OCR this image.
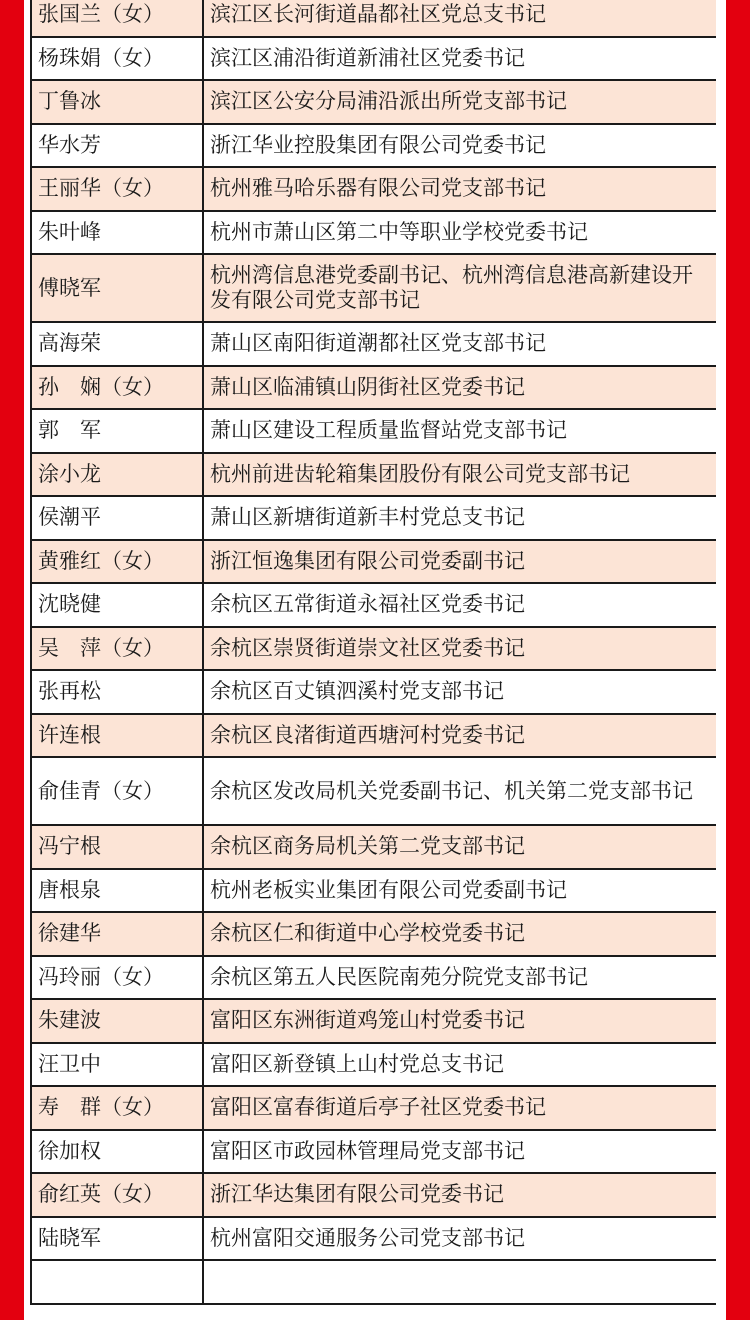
张国兰（女）	滨江区长河街道晶都社区党总支书记
杨珠娟（女）	滨江区浦沿街道新浦社区党委书记
丁鲁冰	滨江区公安分局浦沿派出所党支部书记
华水芳	浙江华业控股集团有限公司党委书记
王丽华（女）	杭州雅马哈乐器有限公司党支部书记
朱叶峰	杭州市萧山区第二中等职业学校党委书记
傅晓军	杭州湾信息港党委副书记、杭州湾信息港高新建设开发有限公司党支部书记
高海荣	萧山区南阳街道潮都社区党支部书记
孙　娴（女）	萧山区临浦镇山阴街社区党委书记
郭　军	萧山区建设工程质量监督站党支部书记
涂小龙	杭州前进齿轮箱集团股份有限公司党支部书记
侯潮平	萧山区新塘街道新丰村党总支书记
黄雅红（女）	浙江恒逸集团有限公司党委副书记
沈晓健	余杭区五常街道永福社区党委书记
吴　萍（女）	余杭区崇贤街道崇文社区党委书记
张再松	余杭区百丈镇泗溪村党支部书记
许连根	余杭区良渚街道西塘河村党委书记
俞佳青（女）	余杭区发改局机关党委副书记、机关第二党支部书记
冯宁根	余杭区商务局机关第二党支部书记
唐根泉	杭州老板实业集团有限公司党委副书记
徐建华	余杭区仁和街道中心学校党委书记
冯玲丽（女）	余杭区第五人民医院南苑分院党支部书记
朱建波	富阳区东洲街道鸡笼山村党委书记
汪卫中	富阳区新登镇上山村党总支书记
寿　群（女）	富阳区富春街道后亭子社区党委书记
徐加权	富阳区市政园林管理局党支部书记
俞红英（女）	浙江华达集团有限公司党委书记
陆晓军	杭州富阳交通服务公司党支部书记
